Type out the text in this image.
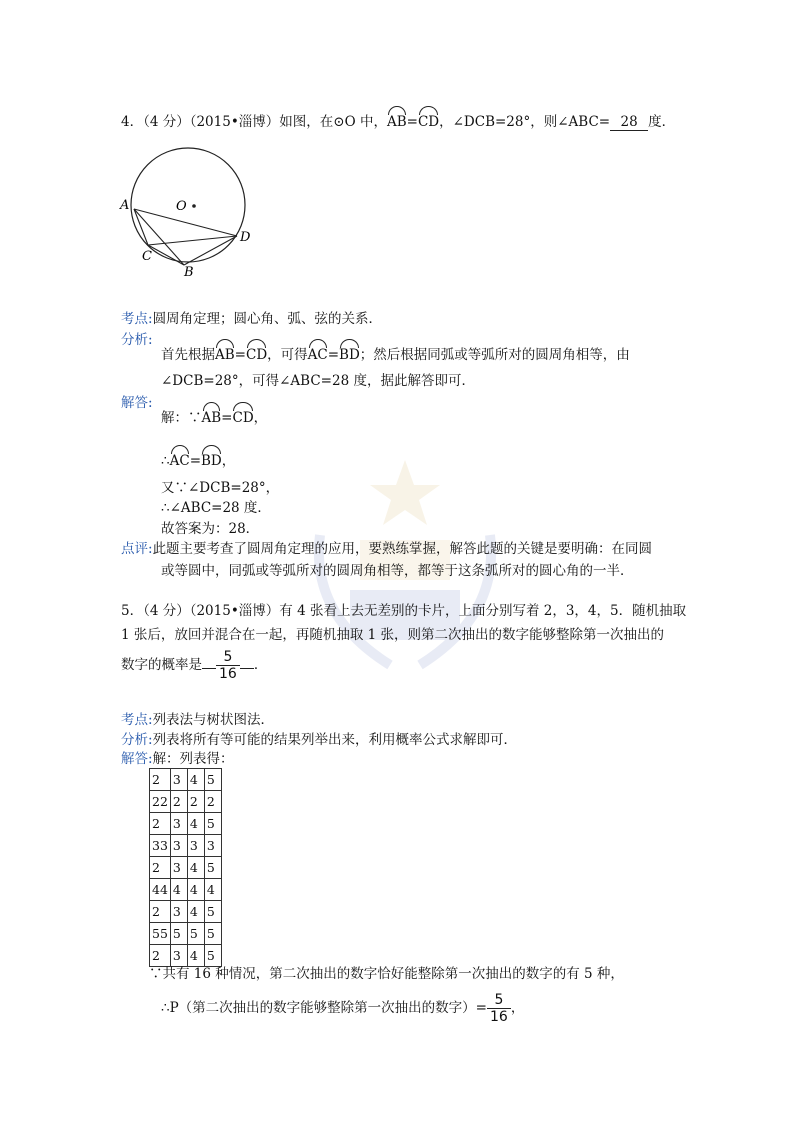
4．（4 分）（2015•淄博）如图，在⊙O 中，AB=CD，∠DCB=28°，则∠ABC= 28 度．
A
C
B
D
O
考点:圆周角定理；圆心角、弧、弦的关系．
分析:
首先根据AB=CD，可得AC=BD；然后根据同弧或等弧所对的圆周角相等，由
∠DCB=28°，可得∠ABC=28 度，据此解答即可．
解答:
解：∵AB=CD，
∴AC=BD，
又∵∠DCB=28°，
∴∠ABC=28 度．
故答案为：28．
点评:此题主要考查了圆周角定理的应用，要熟练掌握，解答此题的关键是要明确：在同圆
或等圆中，同弧或等弧所对的圆周角相等，都等于这条弧所对的圆心角的一半．
5．（4 分）（2015•淄博）有 4 张看上去无差别的卡片，上面分别写着 2，3，4，5．随机抽取
1 张后，放回并混合在一起，再随机抽取 1 张，则第二次抽出的数字能够整除第一次抽出的
数字的概率是 $\frac{5}{16}$ ．
考点:列表法与树状图法．
分析:列表将所有等可能的结果列举出来，利用概率公式求解即可．
解答:解：列表得：
2	3	4	5
22	2	2	2
2	3	4	5
33	3	3	3
2	3	4	5
44	4	4	4
2	3	4	5
55	5	5	5
2	3	4	5
∵共有 16 种情况，第二次抽出的数字恰好能整除第一次抽出的数字的有 5 种，
∴P（第二次抽出的数字能够整除第一次抽出的数字）= $\frac{5}{16}$ ，
